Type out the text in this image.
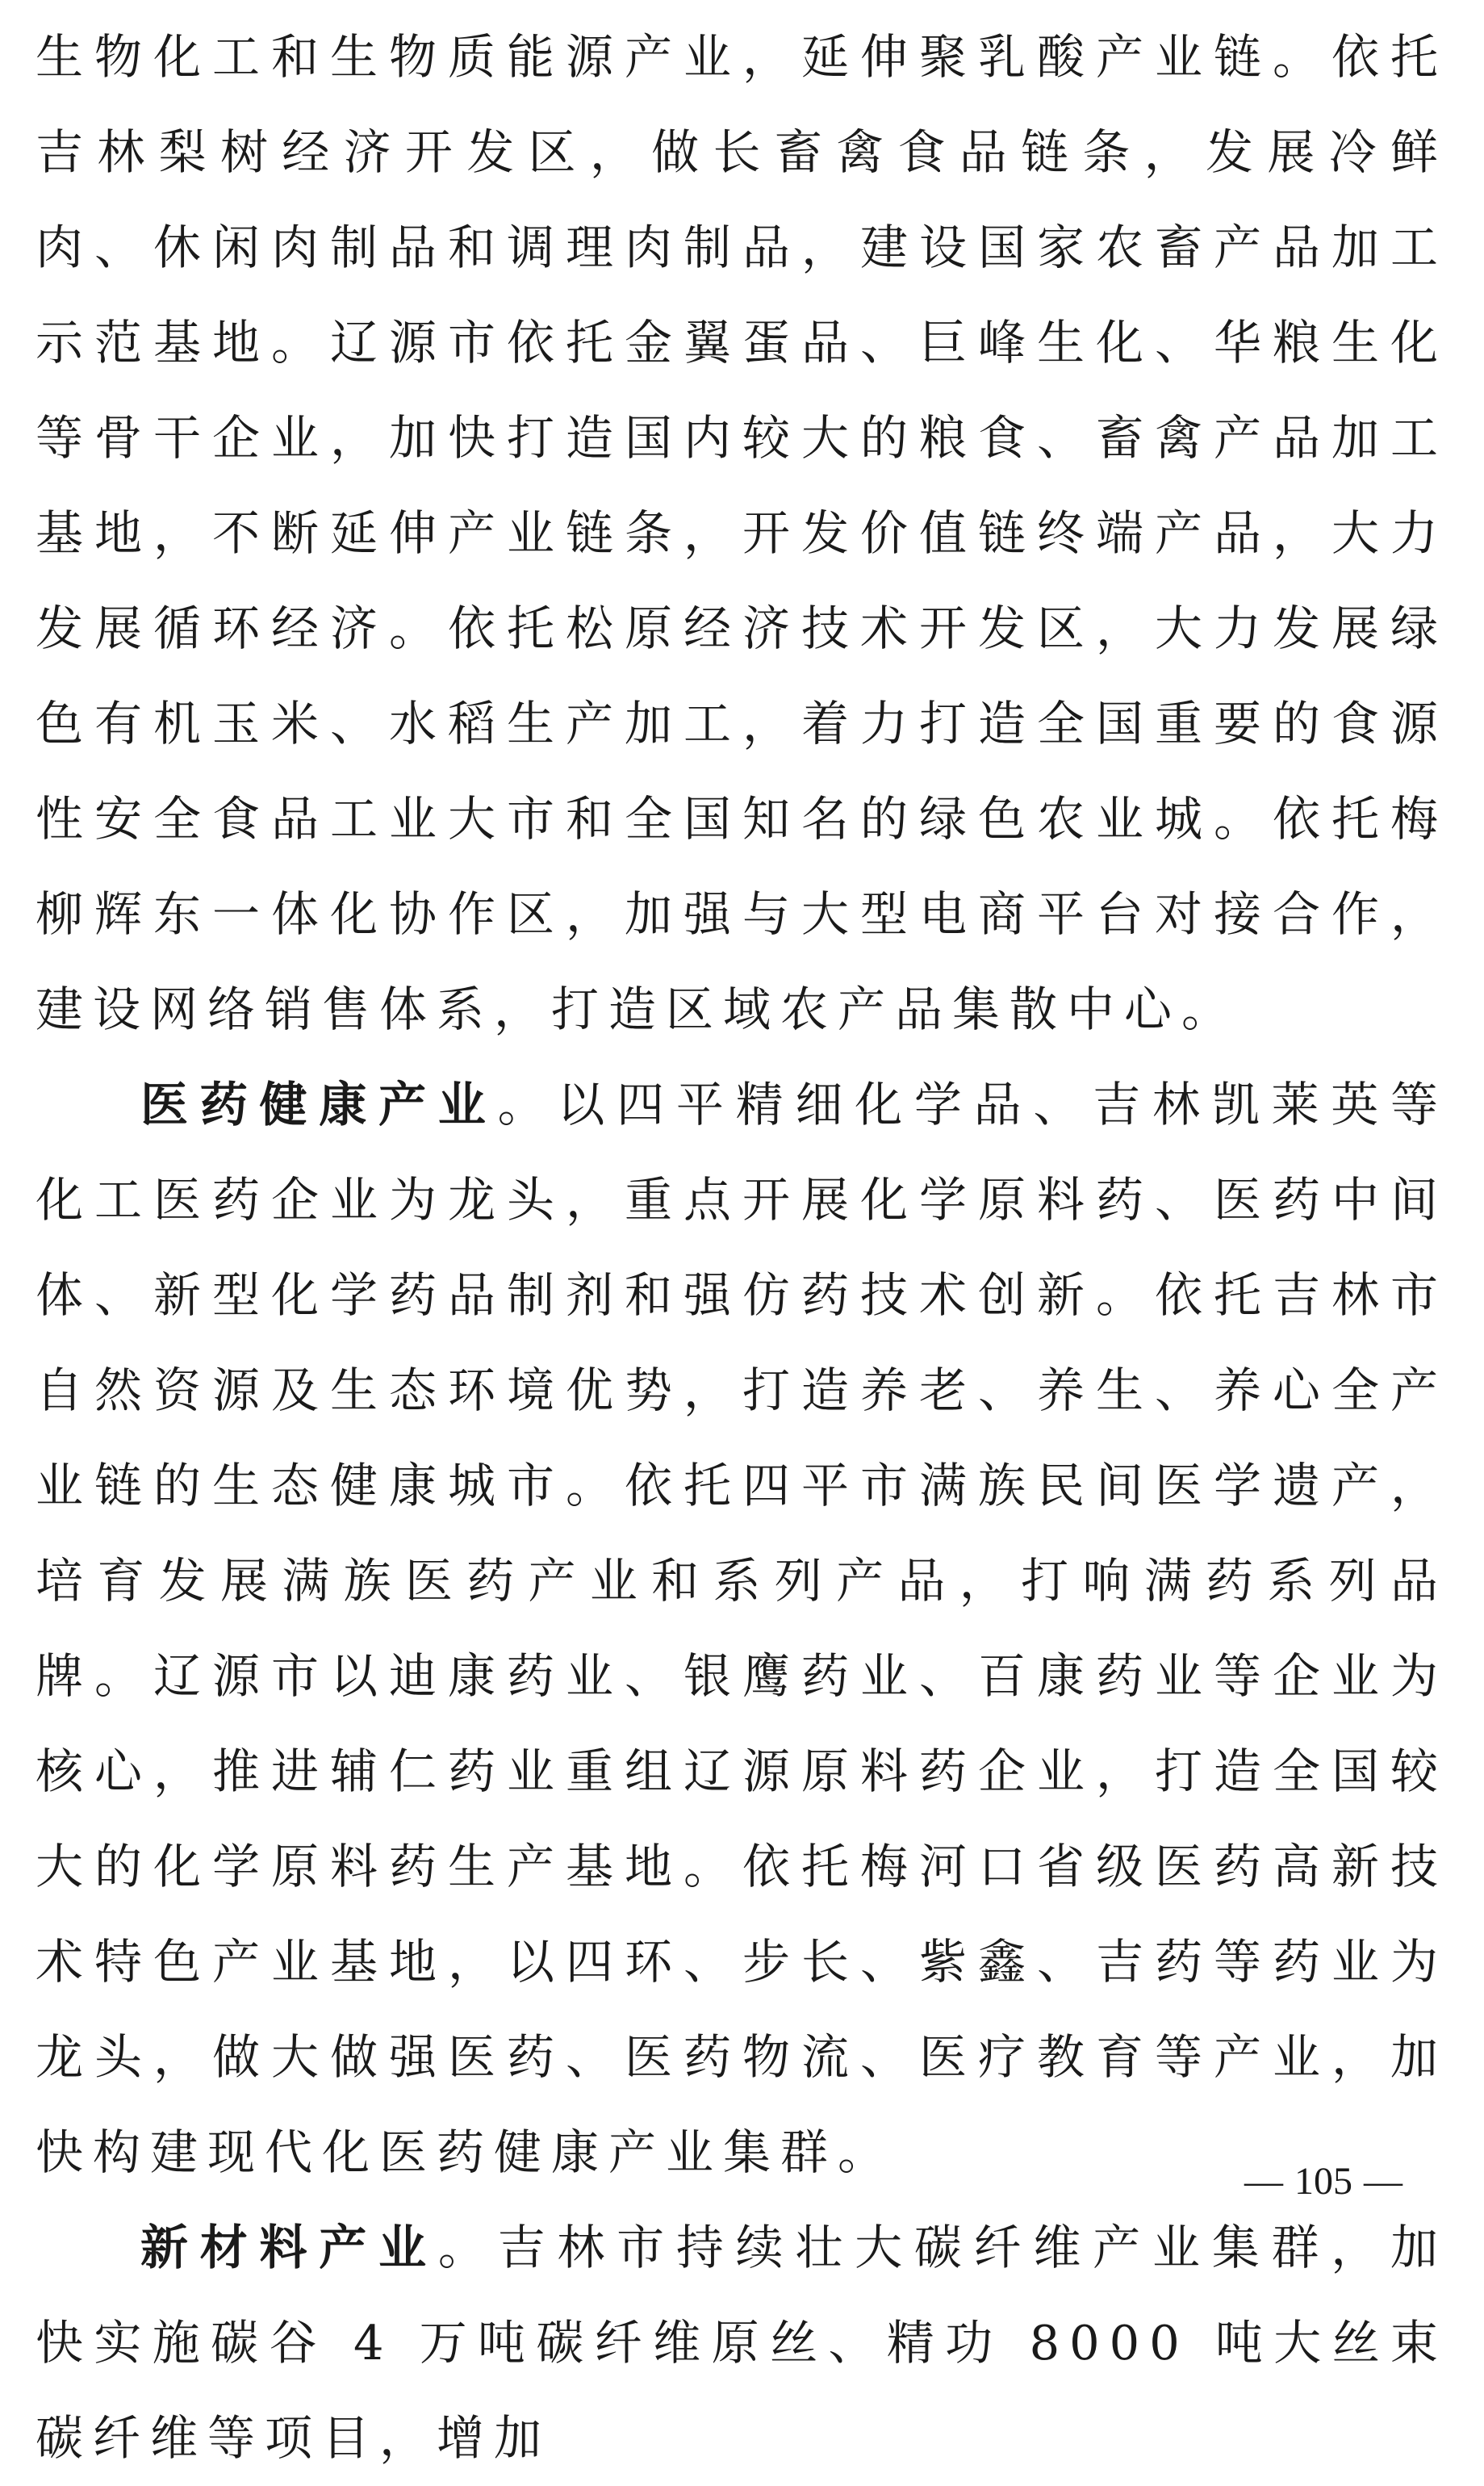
生物化工和生物质能源产业，延伸聚乳酸产业链。依托吉林梨树经济开发区，做长畜禽食品链条，发展冷鲜肉、休闲肉制品和调理肉制品，建设国家农畜产品加工示范基地。辽源市依托金翼蛋品、巨峰生化、华粮生化等骨干企业，加快打造国内较大的粮食、畜禽产品加工基地，不断延伸产业链条，开发价值链终端产品，大力发展循环经济。依托松原经济技术开发区，大力发展绿色有机玉米、水稻生产加工，着力打造全国重要的食源性安全食品工业大市和全国知名的绿色农业城。依托梅柳辉东一体化协作区，加强与大型电商平台对接合作，建设网络销售体系，打造区域农产品集散中心。

医药健康产业。以四平精细化学品、吉林凯莱英等化工医药企业为龙头，重点开展化学原料药、医药中间体、新型化学药品制剂和强仿药技术创新。依托吉林市自然资源及生态环境优势，打造养老、养生、养心全产业链的生态健康城市。依托四平市满族民间医学遗产，培育发展满族医药产业和系列产品，打响满药系列品牌。辽源市以迪康药业、银鹰药业、百康药业等企业为核心，推进辅仁药业重组辽源原料药企业，打造全国较大的化学原料药生产基地。依托梅河口省级医药高新技术特色产业基地，以四环、步长、紫鑫、吉药等药业为龙头，做大做强医药、医药物流、医疗教育等产业，加快构建现代化医药健康产业集群。

新材料产业。吉林市持续壮大碳纤维产业集群，加快实施碳谷 4 万吨碳纤维原丝、精功 8000 吨大丝束碳纤维等项目，增加

— 105 —
